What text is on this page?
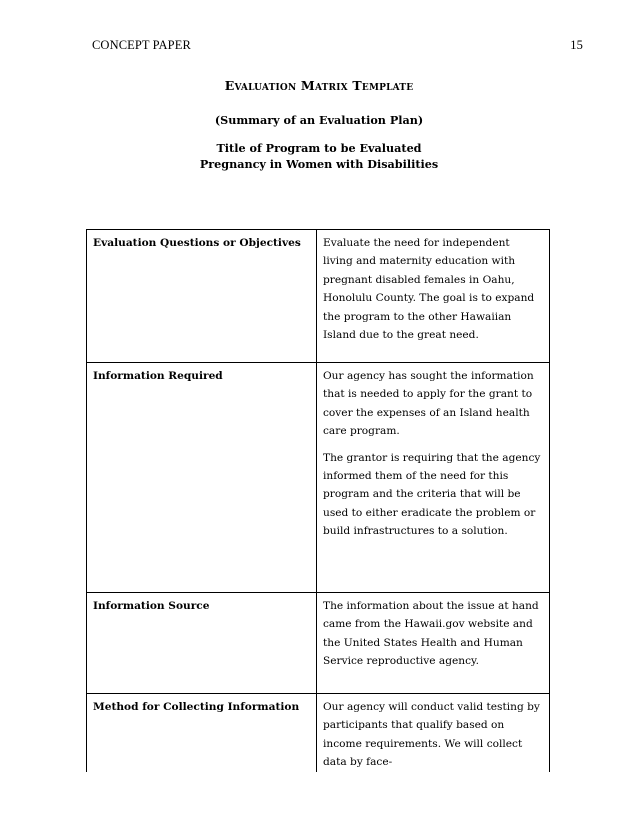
CONCEPT PAPER	15
Evaluation Matrix Template
(Summary of an Evaluation Plan)
Title of Program to be Evaluated
Pregnancy in Women with Disabilities
Evaluation Questions or Objectives	Evaluate the need for independent living and maternity education with pregnant disabled females in Oahu, Honolulu County. The goal is to expand the program to the other Hawaiian Island due to the great need.

Information Required	Our agency has sought the information that is needed to apply for the grant to cover the expenses of an Island health care program.

The grantor is requiring that the agency informed them of the need for this program and the criteria that will be used to either eradicate the problem or build infrastructures to a solution.

Information Source	The information about the issue at hand came from the Hawaii.gov website and the United States Health and Human Service reproductive agency.

Method for Collecting Information	Our agency will conduct valid testing by participants that qualify based on income requirements. We will collect data by face-
